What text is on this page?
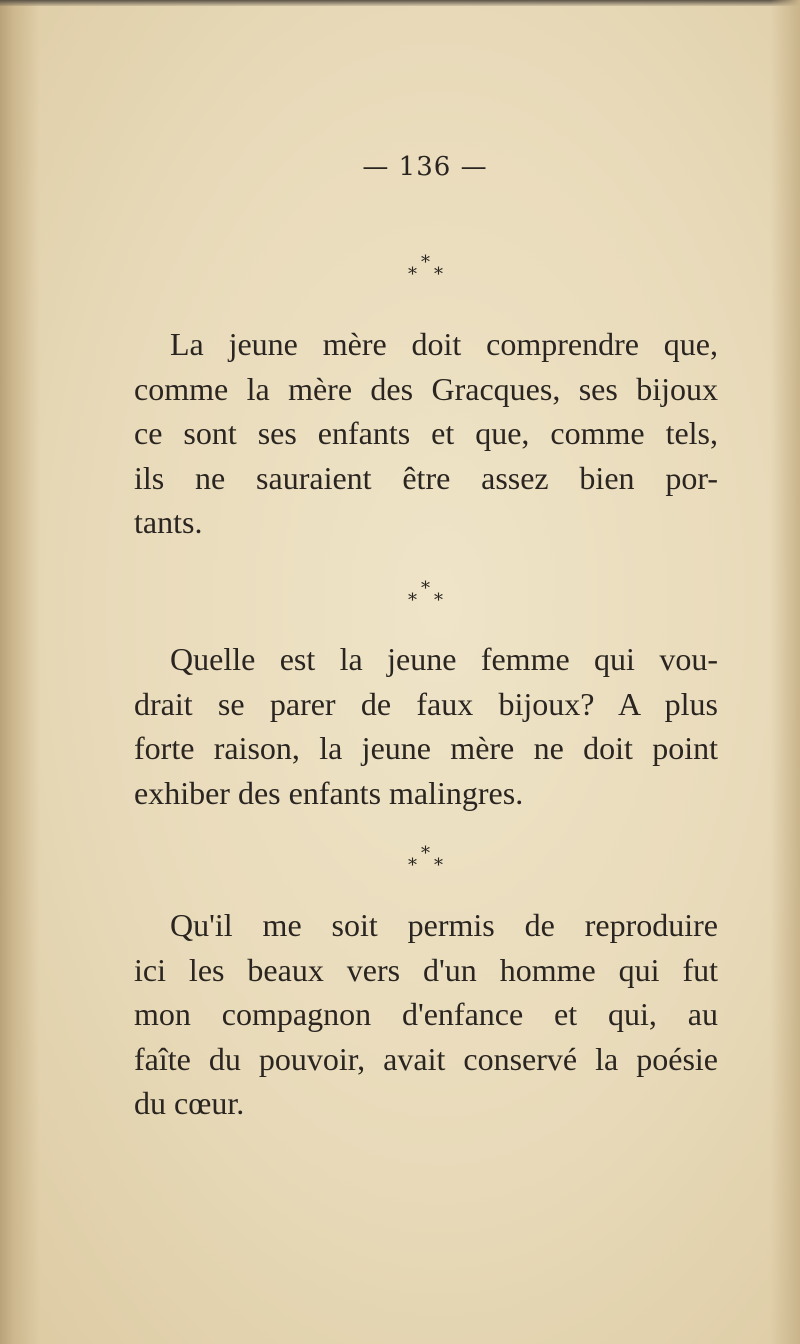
— 136 —
*
* *
La jeune mère doit comprendre que,
comme la mère des Gracques, ses bijoux
ce sont ses enfants et que, comme tels,
ils ne sauraient être assez bien por-
tants.
*
* *
Quelle est la jeune femme qui vou-
drait se parer de faux bijoux? A plus
forte raison, la jeune mère ne doit point
exhiber des enfants malingres.
*
* *
Qu'il me soit permis de reproduire
ici les beaux vers d'un homme qui fut
mon compagnon d'enfance et qui, au
faîte du pouvoir, avait conservé la poésie
du cœur.
